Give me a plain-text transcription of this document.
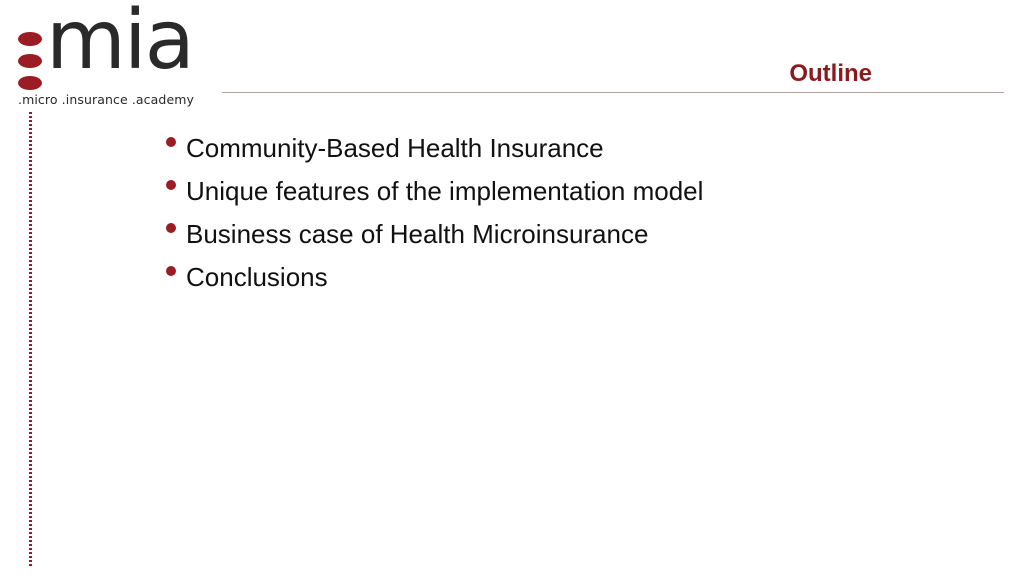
mia
.micro .insurance .academy
Outline
Community-Based Health Insurance
Unique features of the implementation model
Business case of Health Microinsurance
Conclusions
